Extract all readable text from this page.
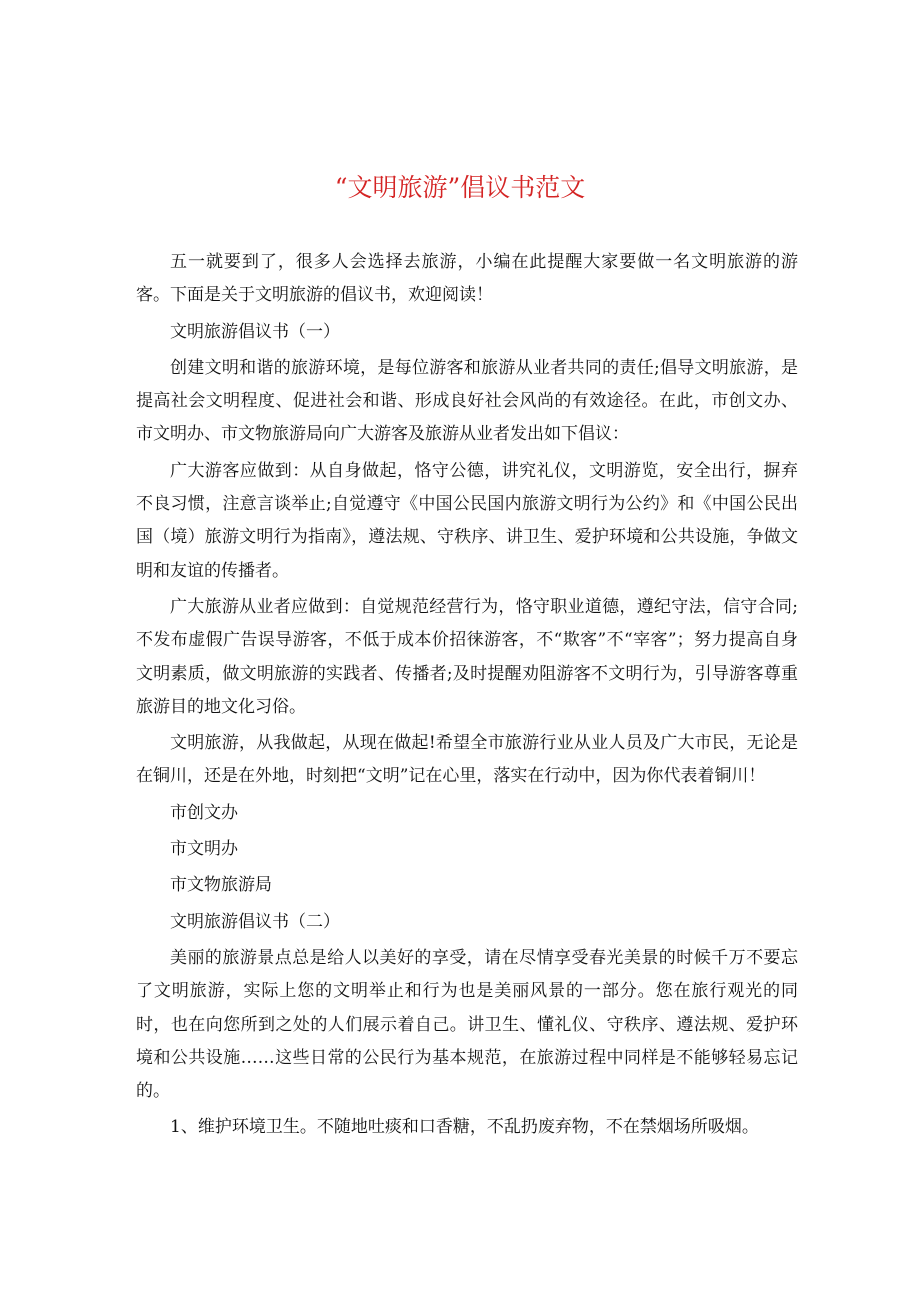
“文明旅游”倡议书范文

五一就要到了，很多人会选择去旅游，小编在此提醒大家要做一名文明旅游的游客。下面是关于文明旅游的倡议书，欢迎阅读！

文明旅游倡议书（一）

创建文明和谐的旅游环境，是每位游客和旅游从业者共同的责任;倡导文明旅游，是提高社会文明程度、促进社会和谐、形成良好社会风尚的有效途径。在此，市创文办、市文明办、市文物旅游局向广大游客及旅游从业者发出如下倡议：

广大游客应做到：从自身做起，恪守公德，讲究礼仪，文明游览，安全出行，摒弃不良习惯，注意言谈举止;自觉遵守《中国公民国内旅游文明行为公约》和《中国公民出国（境）旅游文明行为指南》，遵法规、守秩序、讲卫生、爱护环境和公共设施，争做文明和友谊的传播者。

广大旅游从业者应做到：自觉规范经营行为，恪守职业道德，遵纪守法，信守合同;不发布虚假广告误导游客，不低于成本价招徕游客，不“欺客”不“宰客”；努力提高自身文明素质，做文明旅游的实践者、传播者;及时提醒劝阻游客不文明行为，引导游客尊重旅游目的地文化习俗。

文明旅游，从我做起，从现在做起!希望全市旅游行业从业人员及广大市民，无论是在铜川，还是在外地，时刻把“文明”记在心里，落实在行动中，因为你代表着铜川！

市创文办

市文明办

市文物旅游局

文明旅游倡议书（二）

美丽的旅游景点总是给人以美好的享受，请在尽情享受春光美景的时候千万不要忘了文明旅游，实际上您的文明举止和行为也是美丽风景的一部分。您在旅行观光的同时，也在向您所到之处的人们展示着自己。讲卫生、懂礼仪、守秩序、遵法规、爱护环境和公共设施……这些日常的公民行为基本规范，在旅游过程中同样是不能够轻易忘记的。

1、维护环境卫生。不随地吐痰和口香糖，不乱扔废弃物，不在禁烟场所吸烟。
